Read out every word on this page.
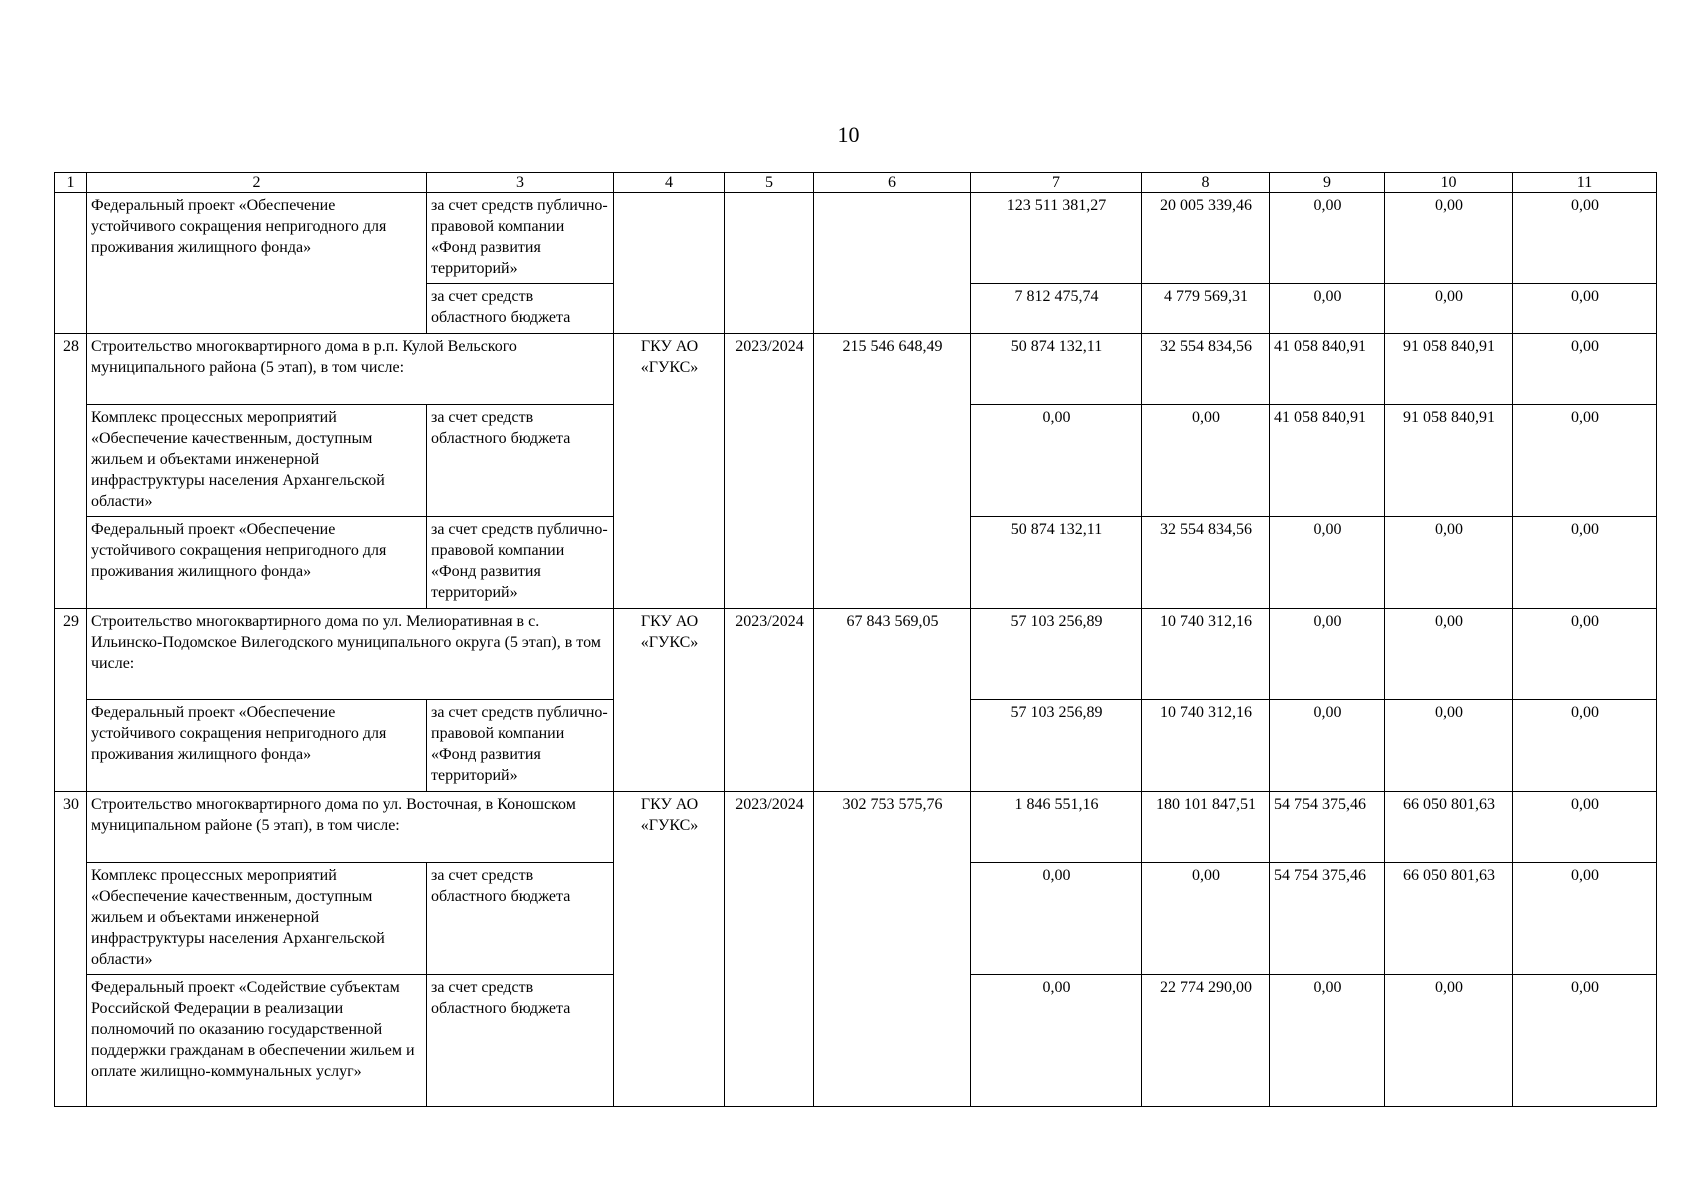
10
1	2	3	4	5	6	7	8	9	10	11
	Федеральный проект «Обеспечение устойчивого сокращения непригодного для проживания жилищного фонда»	за счет средств публично-правовой компании «Фонд развития территорий»				123 511 381,27	20 005 339,46	0,00	0,00	0,00
		за счет средств областного бюджета				7 812 475,74	4 779 569,31	0,00	0,00	0,00
28	Строительство многоквартирного дома в р.п. Кулой Вельского муниципального района (5 этап), в том числе:		ГКУ АО «ГУКС»	2023/2024	215 546 648,49	50 874 132,11	32 554 834,56	41 058 840,91	91 058 840,91	0,00
	Комплекс процессных мероприятий «Обеспечение качественным, доступным жильем и объектами инженерной инфраструктуры населения Архангельской области»	за счет средств областного бюджета				0,00	0,00	41 058 840,91	91 058 840,91	0,00
	Федеральный проект «Обеспечение устойчивого сокращения непригодного для проживания жилищного фонда»	за счет средств публично-правовой компании «Фонд развития территорий»				50 874 132,11	32 554 834,56	0,00	0,00	0,00
29	Строительство многоквартирного дома по ул. Мелиоративная в с. Ильинско-Подомское Вилегодского муниципального округа (5 этап), в том числе:		ГКУ АО «ГУКС»	2023/2024	67 843 569,05	57 103 256,89	10 740 312,16	0,00	0,00	0,00
	Федеральный проект «Обеспечение устойчивого сокращения непригодного для проживания жилищного фонда»	за счет средств публично-правовой компании «Фонд развития территорий»				57 103 256,89	10 740 312,16	0,00	0,00	0,00
30	Строительство многоквартирного дома по ул. Восточная, в Коношском муниципальном районе (5 этап), в том числе:		ГКУ АО «ГУКС»	2023/2024	302 753 575,76	1 846 551,16	180 101 847,51	54 754 375,46	66 050 801,63	0,00
	Комплекс процессных мероприятий «Обеспечение качественным, доступным жильем и объектами инженерной инфраструктуры населения Архангельской области»	за счет средств областного бюджета				0,00	0,00	54 754 375,46	66 050 801,63	0,00
	Федеральный проект «Содействие субъектам Российской Федерации в реализации полномочий по оказанию государственной поддержки гражданам в обеспечении жильем и оплате жилищно-коммунальных услуг»	за счет средств областного бюджета				0,00	22 774 290,00	0,00	0,00	0,00
